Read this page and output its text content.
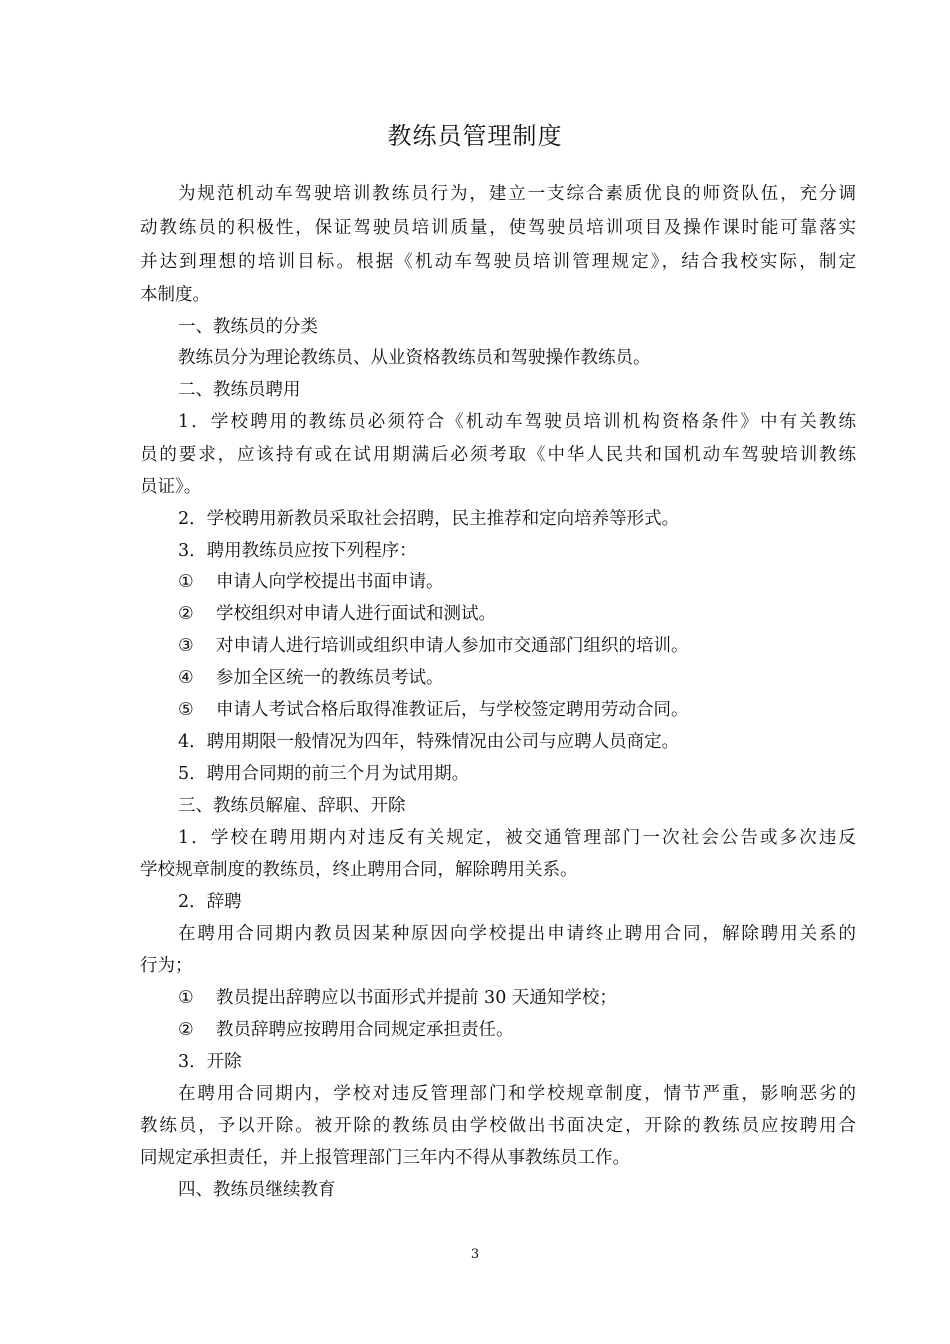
教练员管理制度
为规范机动车驾驶培训教练员行为，建立一支综合素质优良的师资队伍，充分调
动教练员的积极性，保证驾驶员培训质量，使驾驶员培训项目及操作课时能可靠落实
并达到理想的培训目标。根据《机动车驾驶员培训管理规定》，结合我校实际，制定
本制度。
一、教练员的分类
教练员分为理论教练员、从业资格教练员和驾驶操作教练员。
二、教练员聘用
1．学校聘用的教练员必须符合《机动车驾驶员培训机构资格条件》中有关教练
员的要求，应该持有或在试用期满后必须考取《中华人民共和国机动车驾驶培训教练
员证》。
2．学校聘用新教员采取社会招聘，民主推荐和定向培养等形式。
3．聘用教练员应按下列程序：
① 申请人向学校提出书面申请。
② 学校组织对申请人进行面试和测试。
③ 对申请人进行培训或组织申请人参加市交通部门组织的培训。
④ 参加全区统一的教练员考试。
⑤ 申请人考试合格后取得准教证后，与学校签定聘用劳动合同。
4．聘用期限一般情况为四年，特殊情况由公司与应聘人员商定。
5．聘用合同期的前三个月为试用期。
三、教练员解雇、辞职、开除
1．学校在聘用期内对违反有关规定，被交通管理部门一次社会公告或多次违反
学校规章制度的教练员，终止聘用合同，解除聘用关系。
2．辞聘
在聘用合同期内教员因某种原因向学校提出申请终止聘用合同，解除聘用关系的
行为；
① 教员提出辞聘应以书面形式并提前 30 天通知学校；
② 教员辞聘应按聘用合同规定承担责任。
3．开除
在聘用合同期内，学校对违反管理部门和学校规章制度，情节严重，影响恶劣的
教练员，予以开除。被开除的教练员由学校做出书面决定，开除的教练员应按聘用合
同规定承担责任，并上报管理部门三年内不得从事教练员工作。
四、教练员继续教育
3
